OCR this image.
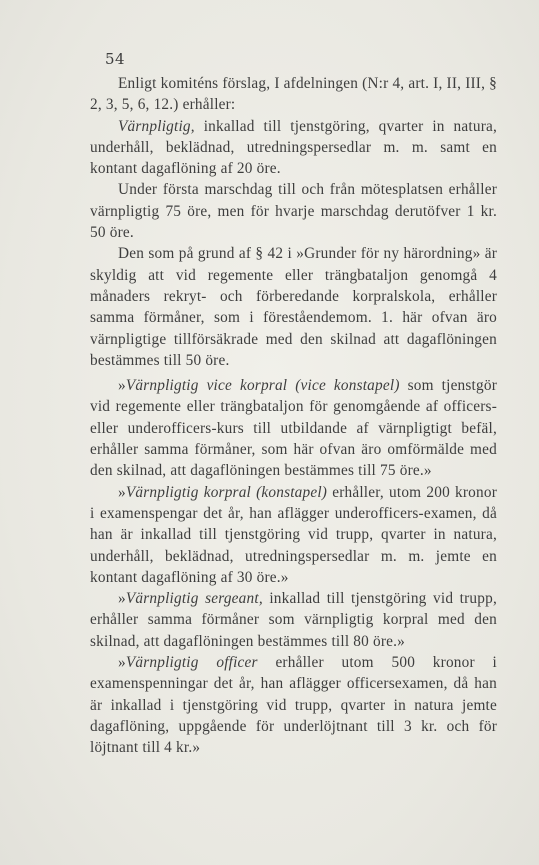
54

Enligt komiténs förslag, I afdelningen (N:r 4, art. I, II, III, § 2, 3, 5, 6, 12.) erhåller:

Värnpligtig, inkallad till tjenstgöring, qvarter in natura, underhåll, beklädnad, utredningspersedlar m. m. samt en kontant dagaflöning af 20 öre.

Under första marschdag till och från mötesplatsen erhåller värnpligtig 75 öre, men för hvarje marschdag derutöfver 1 kr. 50 öre.

Den som på grund af § 42 i »Grunder för ny härordning» är skyldig att vid regemente eller trängbataljon genomgå 4 månaders rekryt- och förberedande korpralskola, erhåller samma förmåner, som i föreståendemom. 1. här ofvan äro värnpligtige tillförsäkrade med den skilnad att dagaflöningen bestämmes till 50 öre.

»Värnpligtig vice korpral (vice konstapel) som tjenstgör vid regemente eller trängbataljon för genomgående af officers- eller underofficers-kurs till utbildande af värnpligtigt befäl, erhåller samma förmåner, som här ofvan äro omförmälde med den skilnad, att dagaflöningen bestämmes till 75 öre.»

»Värnpligtig korpral (konstapel) erhåller, utom 200 kronor i examenspengar det år, han aflägger underofficers-examen, då han är inkallad till tjenstgöring vid trupp, qvarter in natura, underhåll, beklädnad, utredningspersedlar m. m. jemte en kontant dagaflöning af 30 öre.»

»Värnpligtig sergeant, inkallad till tjenstgöring vid trupp, erhåller samma förmåner som värnpligtig korpral med den skilnad, att dagaflöningen bestämmes till 80 öre.»

»Värnpligtig officer erhåller utom 500 kronor i examenspenningar det år, han aflägger officersexamen, då han är inkallad i tjenstgöring vid trupp, qvarter in natura jemte dagaflöning, uppgående för underlöjtnant till 3 kr. och för löjtnant till 4 kr.»
